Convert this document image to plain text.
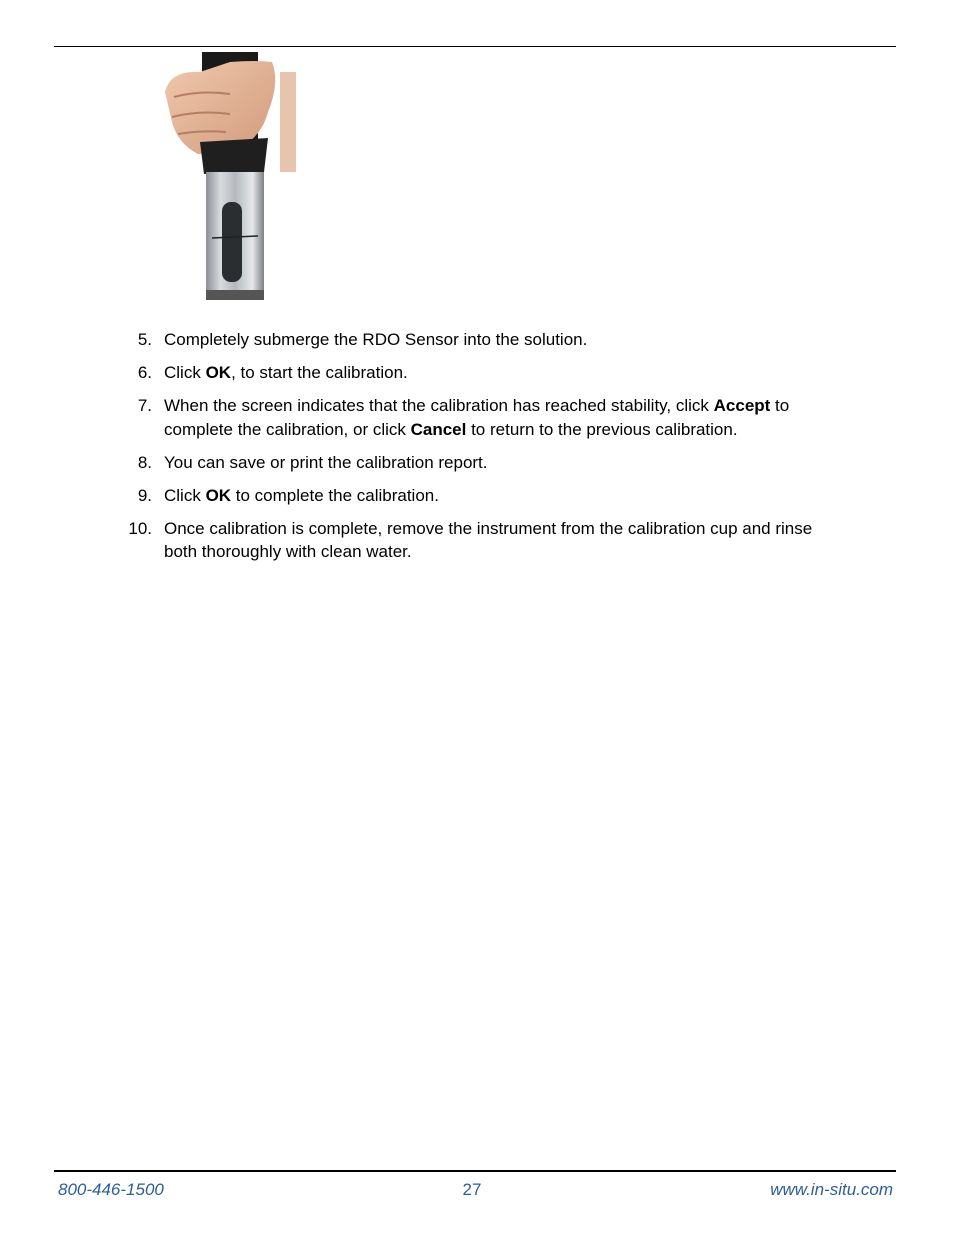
5. Completely submerge the RDO Sensor into the solution.
6. Click OK, to start the calibration.
7. When the screen indicates that the calibration has reached stability, click Accept to complete the calibration, or click Cancel to return to the previous calibration.
8. You can save or print the calibration report.
9. Click OK to complete the calibration.
10. Once calibration is complete, remove the instrument from the calibration cup and rinse both thoroughly with clean water.
800-446-1500	27	www.in-situ.com
